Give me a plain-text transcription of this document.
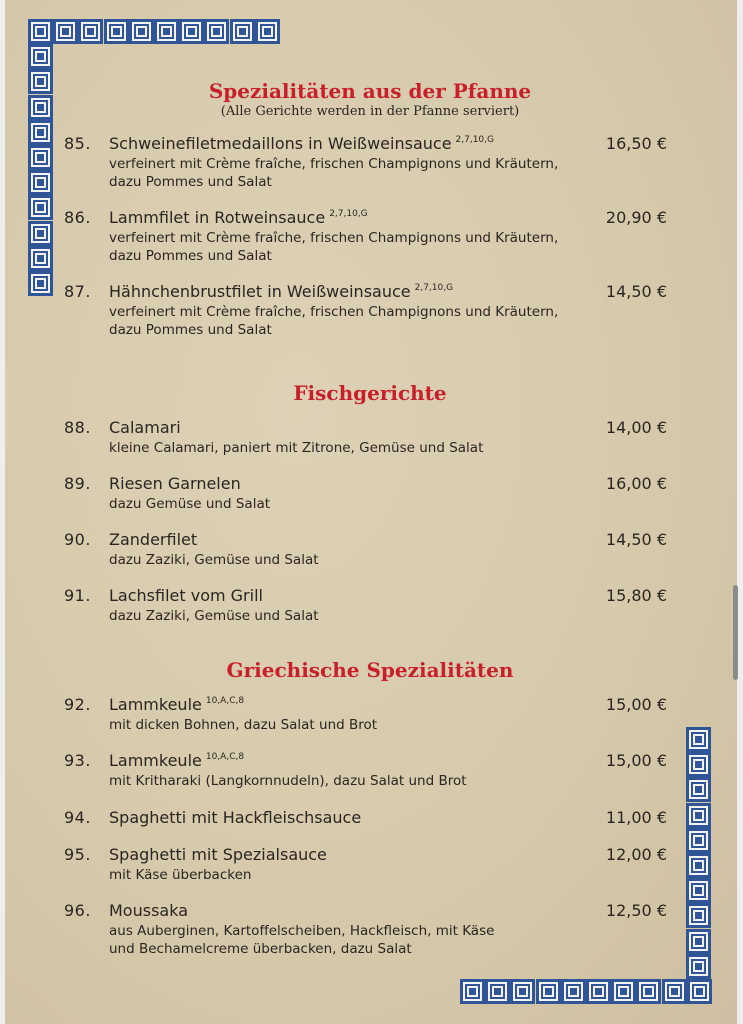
Spezialitäten aus der Pfanne
(Alle Gerichte werden in der Pfanne serviert)
Fischgerichte
Griechische Spezialitäten
85. Schweinefiletmedaillons in Weißweinsauce $^{2,7,10,G}$	16,50 €
verfeinert mit Crème fraîche, frischen Champignons und Kräutern,
dazu Pommes und Salat
86. Lammfilet in Rotweinsauce $^{2,7,10,G}$	20,90 €
verfeinert mit Crème fraîche, frischen Champignons und Kräutern,
dazu Pommes und Salat
87. Hähnchenbrustfilet in Weißweinsauce $^{2,7,10,G}$	14,50 €
verfeinert mit Crème fraîche, frischen Champignons und Kräutern,
dazu Pommes und Salat
88. Calamari	14,00 €
kleine Calamari, paniert mit Zitrone, Gemüse und Salat
89. Riesen Garnelen	16,00 €
dazu Gemüse und Salat
90. Zanderfilet	14,50 €
dazu Zaziki, Gemüse und Salat
91. Lachsfilet vom Grill	15,80 €
dazu Zaziki, Gemüse und Salat
92. Lammkeule $^{10,A,C,8}$	15,00 €
mit dicken Bohnen, dazu Salat und Brot
93. Lammkeule $^{10,A,C,8}$	15,00 €
mit Kritharaki (Langkornnudeln), dazu Salat und Brot
94. Spaghetti mit Hackfleischsauce	11,00 €
95. Spaghetti mit Spezialsauce	12,00 €
mit Käse überbacken
96. Moussaka	12,50 €
aus Auberginen, Kartoffelscheiben, Hackfleisch, mit Käse
und Bechamelcreme überbacken, dazu Salat
